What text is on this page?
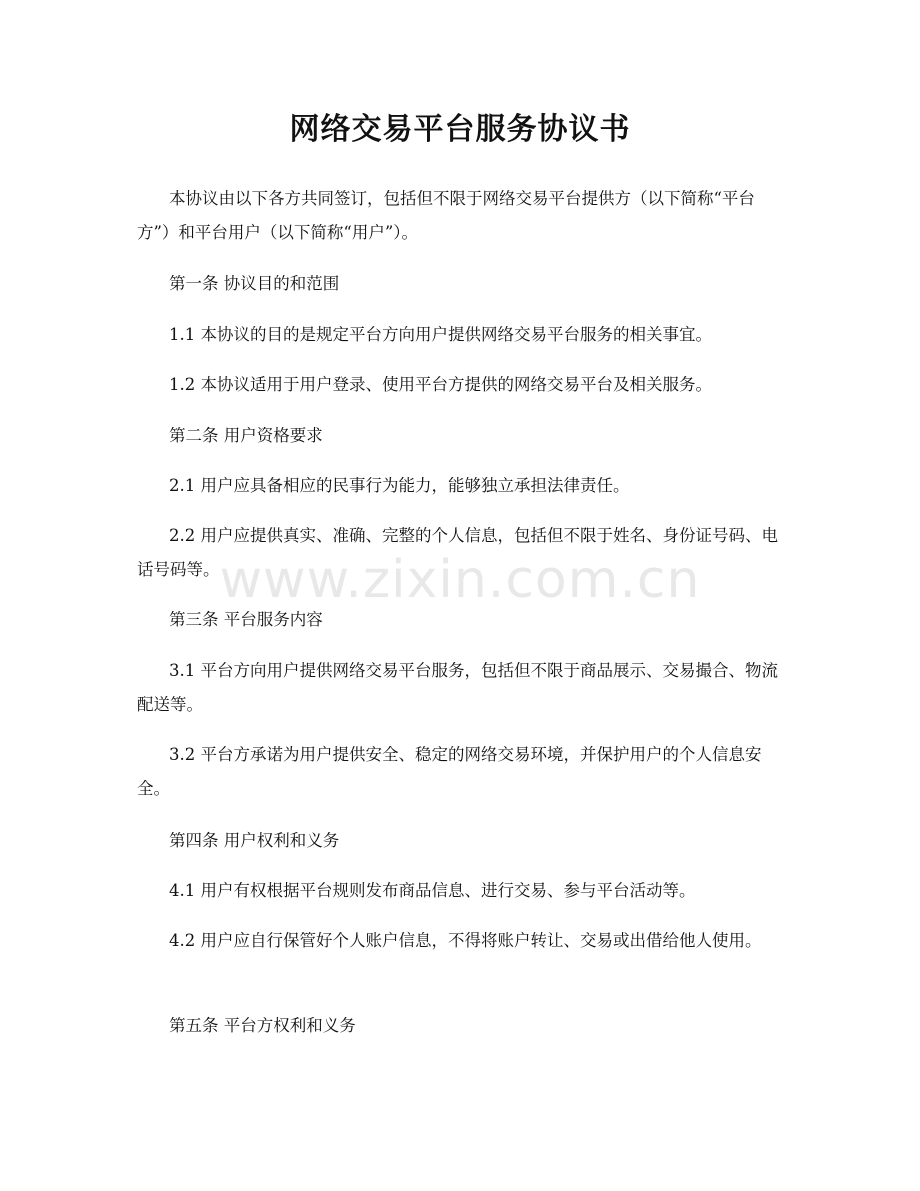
网络交易平台服务协议书

本协议由以下各方共同签订，包括但不限于网络交易平台提供方（以下简称“平台方”）和平台用户（以下简称“用户”）。

第一条 协议目的和范围

1.1 本协议的目的是规定平台方向用户提供网络交易平台服务的相关事宜。

1.2 本协议适用于用户登录、使用平台方提供的网络交易平台及相关服务。

第二条 用户资格要求

2.1 用户应具备相应的民事行为能力，能够独立承担法律责任。

2.2 用户应提供真实、准确、完整的个人信息，包括但不限于姓名、身份证号码、电话号码等。

第三条 平台服务内容

3.1 平台方向用户提供网络交易平台服务，包括但不限于商品展示、交易撮合、物流配送等。

3.2 平台方承诺为用户提供安全、稳定的网络交易环境，并保护用户的个人信息安全。

第四条 用户权利和义务

4.1 用户有权根据平台规则发布商品信息、进行交易、参与平台活动等。

4.2 用户应自行保管好个人账户信息，不得将账户转让、交易或出借给他人使用。

第五条 平台方权利和义务

www.zixin.com.cn
